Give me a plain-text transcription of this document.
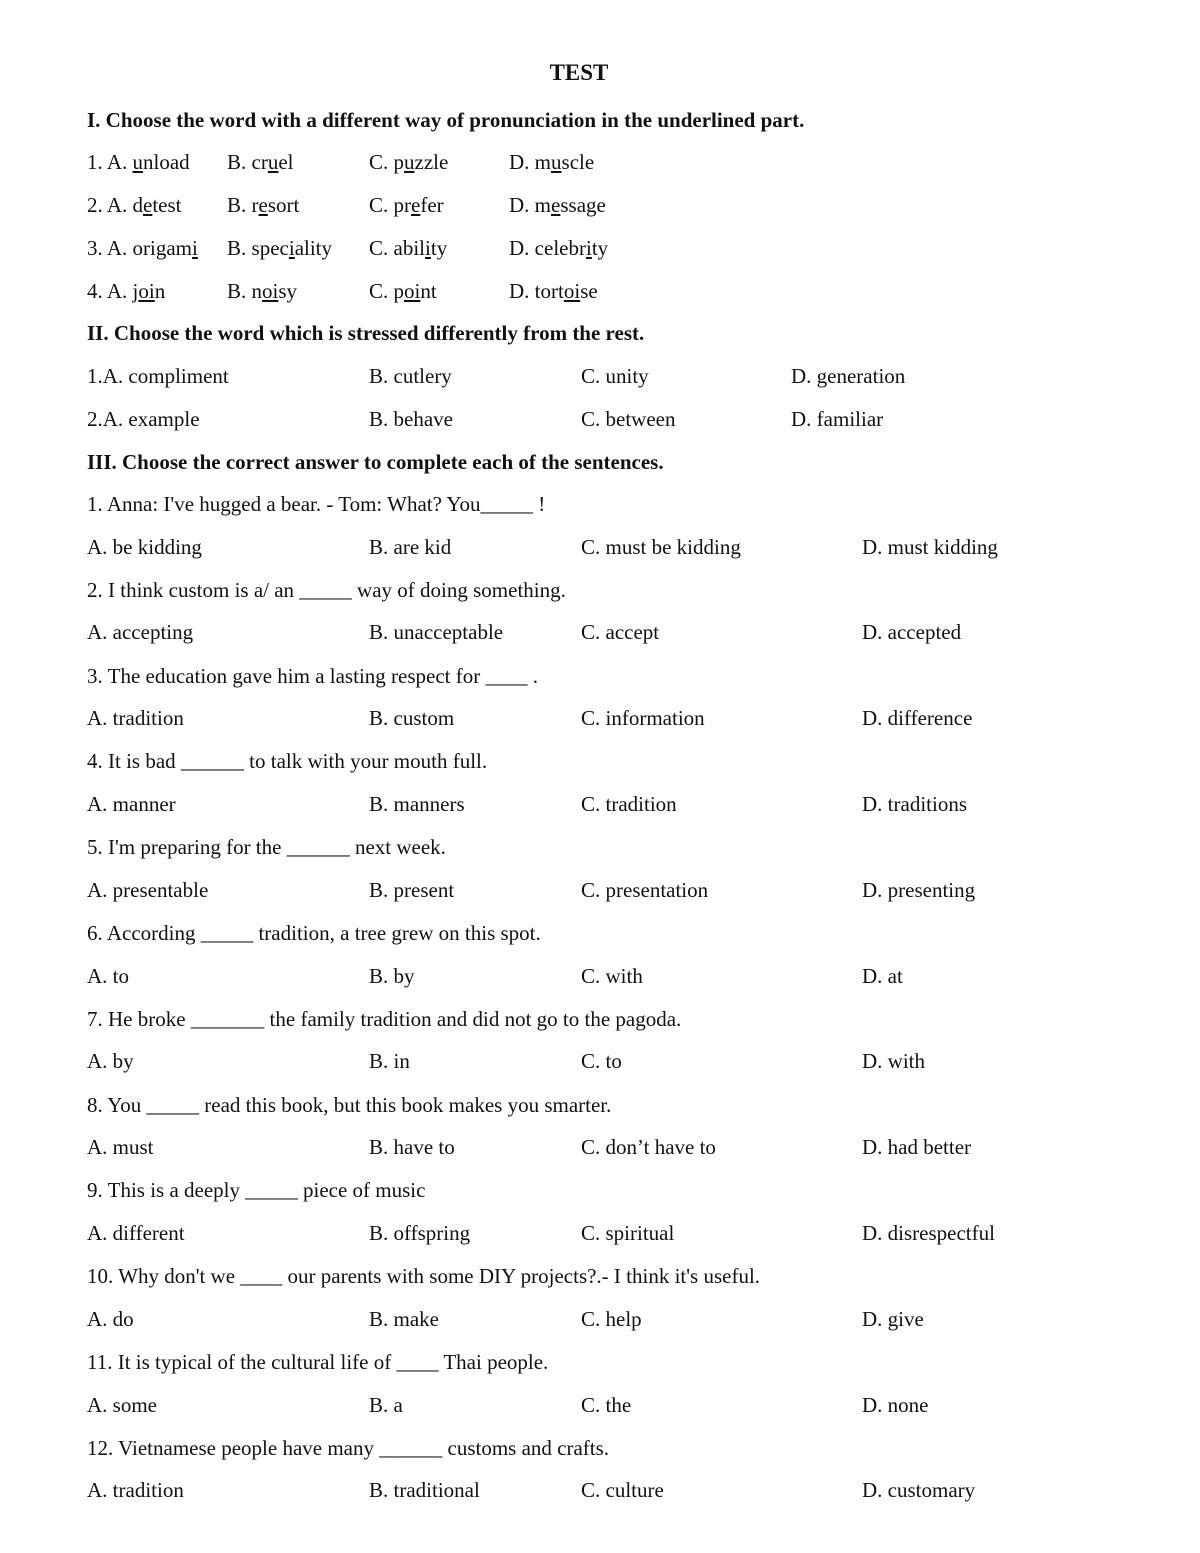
TEST
I. Choose the word with a different way of pronunciation in the underlined part.
1. A. unload B. cruel	C. puzzle	D. muscle
2. A. detest B. resort	C. prefer	D. message
3. A. origami B. speciality C. ability	D. celebrity
4. A. join	B. noisy	C. point	D. tortoise
II. Choose the word which is stressed differently from the rest.
1.A. compliment	B. cutlery	C. unity	D. generation
2.A. example	B. behave	C. between	D. familiar
III. Choose the correct answer to complete each of the sentences.
1. Anna: I've hugged a bear. - Tom: What? You_____ !
A. be kidding	B. are kid	C. must be kidding	D. must kidding
2. I think custom is a/ an _____ way of doing something.
A. accepting	B. unacceptable	C. accept	D. accepted
3. The education gave him a lasting respect for ____ .
A. tradition	B. custom	C. information	D. difference
4. It is bad ______ to talk with your mouth full.
A. manner	B. manners	C. tradition	D. traditions
5. I'm preparing for the ______ next week.
A. presentable	B. present	C. presentation	D. presenting
6. According _____ tradition, a tree grew on this spot.
A. to	B. by	C. with	D. at
7. He broke _______ the family tradition and did not go to the pagoda.
A. by	B. in	C. to	D. with
8. You _____ read this book, but this book makes you smarter.
A. must	B. have to	C. don’t have to	D. had better
9. This is a deeply _____ piece of music
A. different	B. offspring	C. spiritual	D. disrespectful
10. Why don't we ____ our parents with some DIY projects?.- I think it's useful.
A. do	B. make	C. help	D. give
11. It is typical of the cultural life of ____ Thai people.
A. some	B. a	C. the	D. none
12. Vietnamese people have many ______ customs and crafts.
A. tradition	B. traditional	C. culture	D. customary
